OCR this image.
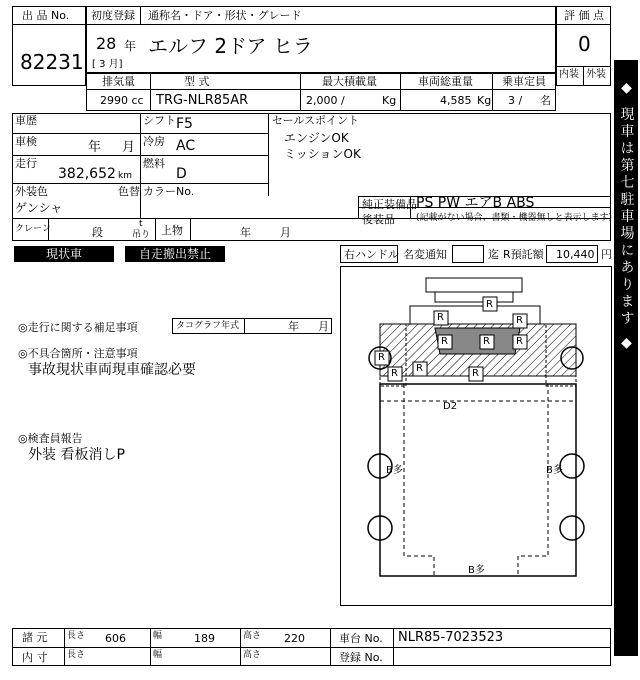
出 品 No.
82231
初度登録 通称名・ドア・形状・グレード
28 年
[ 3 月]
エルフ 2ドア ヒラ
評 価 点
0
内装 外装
排気量	型 式	最大積載量	車両総重量	乗車定員
2990 cc TRG-NLR85AR	2,000 /	Kg	4,585 Kg 3 / 名
車歴	シフト F5	セールスポイント
エンジンOK
ミッションOK
車検	年 月 冷房 AC
走行
382,652 km
燃料
D
外装色
ゲンシャ
色替 カラーNo.
純正装備品 PS PW エアB ABS
後装品 (記載がない場合、書類・機器無しと表示します)
クレーン	段
t
吊り 上物	年	月
現状車	自走搬出禁止	右ハンドル 名変通知	迄 R預託額 10,440 円
◎走行に関する補足事項	タコグラフ年式	年 月
◎不具合箇所・注意事項
事故現状車両現車確認必要
◎検査員報告
外装 看板消しP
R
R	R
R	R	R
R R	R
R
D2
B多	B多
B多
◆ 現車は第七駐車場にあります ◆
諸 元 長さ 606	幅	189	高さ 220	車台 No. NLR85-7023523
内 寸 長さ	幅	高さ	登録 No.
